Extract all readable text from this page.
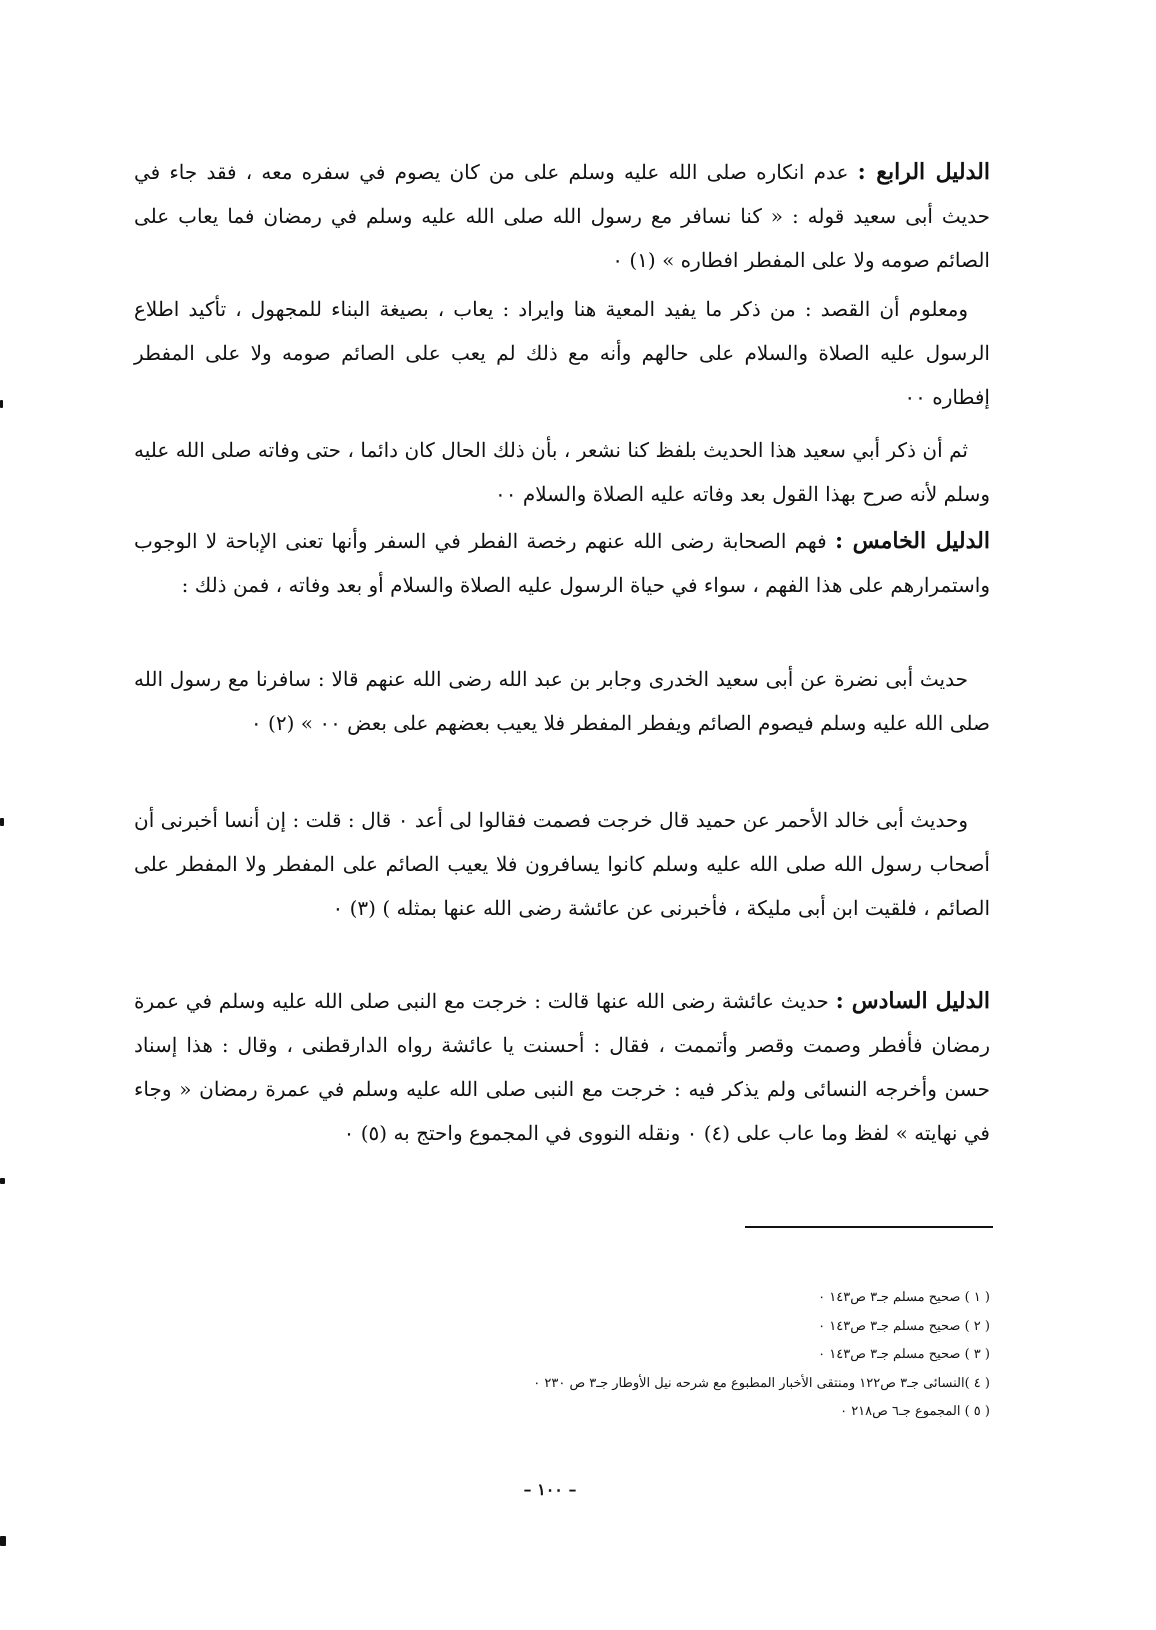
الدليل الرابع : عدم انكاره صلى الله عليه وسلم على من كان يصوم في سفره معه ، فقد جاء في حديث أبى سعيد قوله : « كنا نسافر مع رسول الله صلى الله عليه وسلم في رمضان فما يعاب على الصائم صومه ولا على المفطر افطاره » (١) ٠
ومعلوم أن القصد : من ذكر ما يفيد المعية هنا وايراد : يعاب ، بصيغة البناء للمجهول ، تأكيد اطلاع الرسول عليه الصلاة والسلام على حالهم وأنه مع ذلك لم يعب على الصائم صومه ولا على المفطر إفطاره ٠٠
ثم أن ذكر أبي سعيد هذا الحديث بلفظ كنا نشعر ، بأن ذلك الحال كان دائما ، حتى وفاته صلى الله عليه وسلم لأنه صرح بهذا القول بعد وفاته عليه الصلاة والسلام ٠٠
الدليل الخامس : فهم الصحابة رضى الله عنهم رخصة الفطر في السفر وأنها تعنى الإباحة لا الوجوب واستمرارهم على هذا الفهم ، سواء في حياة الرسول عليه الصلاة والسلام أو بعد وفاته ، فمن ذلك :
حديث أبى نضرة عن أبى سعيد الخدرى وجابر بن عبد الله رضى الله عنهم قالا : سافرنا مع رسول الله صلى الله عليه وسلم فيصوم الصائم ويفطر المفطر فلا يعيب بعضهم على بعض ٠٠ » (٢) ٠
وحديث أبى خالد الأحمر عن حميد قال خرجت فصمت فقالوا لى أعد ٠ قال : قلت : إن أنسا أخبرنى أن أصحاب رسول الله صلى الله عليه وسلم كانوا يسافرون فلا يعيب الصائم على المفطر ولا المفطر على الصائم ، فلقيت ابن أبى مليكة ، فأخبرنى عن عائشة رضى الله عنها بمثله ) (٣) ٠
الدليل السادس : حديث عائشة رضى الله عنها قالت : خرجت مع النبى صلى الله عليه وسلم في عمرة رمضان فأفطر وصمت وقصر وأتممت ، فقال : أحسنت يا عائشة رواه الدارقطنى ، وقال : هذا إسناد حسن وأخرجه النسائى ولم يذكر فيه : خرجت مع النبى صلى الله عليه وسلم في عمرة رمضان « وجاء في نهايته » لفظ وما عاب على (٤) ٠ ونقله النووى في المجموع واحتج به (٥) ٠
( ١ ) صحيح مسلم جـ٣ ص١٤٣ ٠
( ٢ ) صحيح مسلم جـ٣ ص١٤٣ ٠
( ٣ ) صحيح مسلم جـ٣ ص١٤٣ ٠
( ٤ )النسائى جـ٣ ص١٢٢ ومنتقى الأخبار المطبوع مع شرحه نيل الأوطار جـ٣ ص ٢٣٠ ٠
( ٥ ) المجموع جـ٦ ص٢١٨ ٠
– ١٠٠ –
